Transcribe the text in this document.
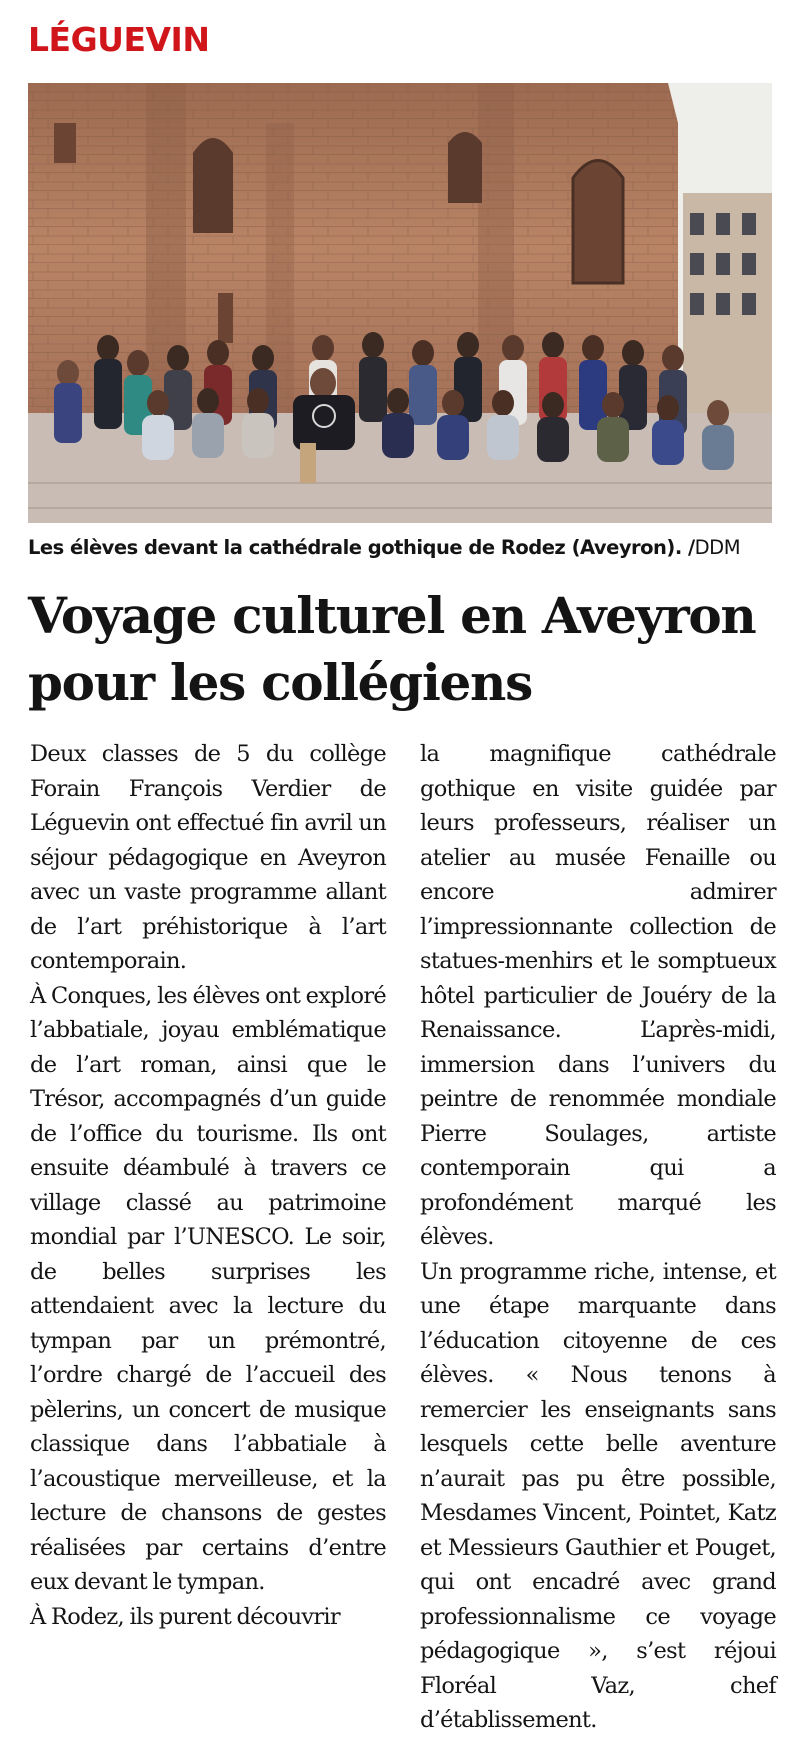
LÉGUEVIN
Les élèves devant la cathédrale gothique de Rodez (Aveyron). /DDM
Voyage culturel en Aveyron
pour les collégiens

Deux classes de 5 du collège Forain François Verdier de Léguevin ont effectué fin avril un séjour pédagogique en Aveyron avec un vaste programme allant de l’art préhistorique à l’art contemporain.

À Conques, les élèves ont exploré l’abbatiale, joyau emblématique de l’art roman, ainsi que le Trésor, accompagnés d’un guide de l’office du tourisme. Ils ont ensuite déambulé à travers ce village classé au patrimoine mondial par l’UNESCO. Le soir, de belles surprises les attendaient avec la lecture du tympan par un prémontré, l’ordre chargé de l’accueil des pèlerins, un concert de musique classique dans l’abbatiale à l’acoustique merveilleuse, et la lecture de chansons de gestes réalisées par certains d’entre eux devant le tympan.

À Rodez, ils purent découvrir

la magnifique cathédrale gothique en visite guidée par leurs professeurs, réaliser un atelier au musée Fenaille ou encore admirer l’impressionnante collection de statues-menhirs et le somptueux hôtel particulier de Jouéry de la Renaissance. L’après-midi, immersion dans l’univers du peintre de renommée mondiale Pierre Soulages, artiste contemporain qui a profondément marqué les élèves.

Un programme riche, intense, et une étape marquante dans l’éducation citoyenne de ces élèves. « Nous tenons à remercier les enseignants sans lesquels cette belle aventure n’aurait pas pu être possible, Mesdames Vincent, Pointet, Katz et Messieurs Gauthier et Pouget, qui ont encadré avec grand professionnalisme ce voyage pédagogique », s’est réjoui Floréal Vaz, chef d’établissement.
